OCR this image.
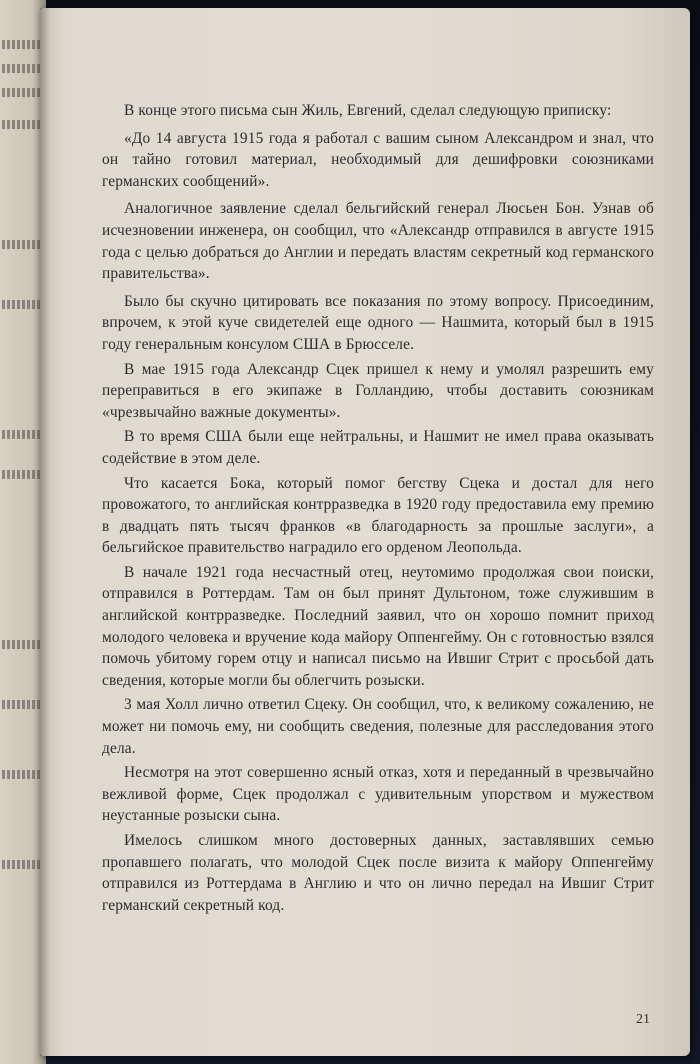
В конце этого письма сын Жиль, Евгений, сделал следующую приписку:

«До 14 августа 1915 года я работал с вашим сыном Александром и знал, что он тайно готовил материал, необходимый для дешифровки союзниками германских сообщений».

Аналогичное заявление сделал бельгийский генерал Люсьен Бон. Узнав об исчезновении инженера, он сообщил, что «Александр отправился в августе 1915 года с целью добраться до Англии и передать властям секретный код германского правительства».

Было бы скучно цитировать все показания по этому вопросу. Присоединим, впрочем, к этой куче свидетелей еще одного — Нашмита, который был в 1915 году генеральным консулом США в Брюсселе.

В мае 1915 года Александр Сцек пришел к нему и умолял разрешить ему переправиться в его экипаже в Голландию, чтобы доставить союзникам «чрезвычайно важные документы».

В то время США были еще нейтральны, и Нашмит не имел права оказывать содействие в этом деле.

Что касается Бока, который помог бегству Сцека и достал для него провожатого, то английская контрразведка в 1920 году предоставила ему премию в двадцать пять тысяч франков «в благодарность за прошлые заслуги», а бельгийское правительство наградило его орденом Леопольда.

В начале 1921 года несчастный отец, неутомимо продолжая свои поиски, отправился в Роттердам. Там он был принят Дультоном, тоже служившим в английской контрразведке. Последний заявил, что он хорошо помнит приход молодого человека и вручение кода майору Оппенгейму. Он с готовностью взялся помочь убитому горем отцу и написал письмо на Ившиг Стрит с просьбой дать сведения, которые могли бы облегчить розыски.

3 мая Холл лично ответил Сцеку. Он сообщил, что, к великому сожалению, не может ни помочь ему, ни сообщить сведения, полезные для расследования этого дела.

Несмотря на этот совершенно ясный отказ, хотя и переданный в чрезвычайно вежливой форме, Сцек продолжал с удивительным упорством и мужеством неустанные розыски сына.

Имелось слишком много достоверных данных, заставлявших семью пропавшего полагать, что молодой Сцек после визита к майору Оппенгейму отправился из Роттердама в Англию и что он лично передал на Ившиг Стрит германский секретный код.

21
